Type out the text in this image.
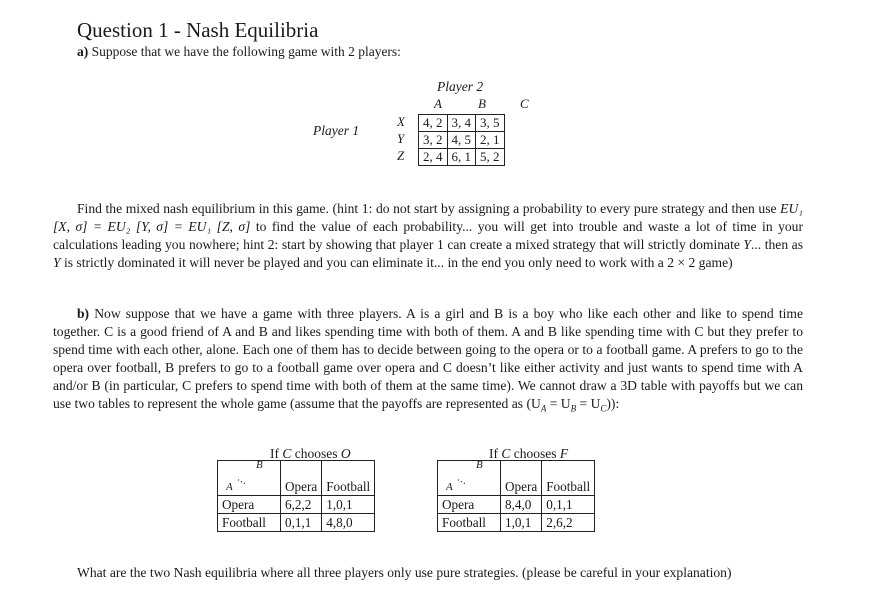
Question 1 - Nash Equilibria
a) Suppose that we have the following game with 2 players:
Player 2
A	B	C
Player 1
X
Y
Z
4, 2	3, 4	3, 5
3, 2	4, 5	2, 1
2, 4	6, 1	5, 2
Find the mixed nash equilibrium in this game. (hint 1: do not start by assigning a probability to every pure strategy and then use EU₁ [X, σ] = EU₂ [Y, σ] = EU₁ [Z, σ] to find the value of each probability... you will get into trouble and waste a lot of time in your calculations leading you nowhere; hint 2: start by showing that player 1 can create a mixed strategy that will strictly dominate Y... then as Y is strictly dominated it will never be played and you can eliminate it... in the end you only need to work with a 2 × 2 game)
b) Now suppose that we have a game with three players. A is a girl and B is a boy who like each other and like to spend time together. C is a good friend of A and B and likes spending time with both of them. A and B like spending time with C but they prefer to spend time with each other, alone. Each one of them has to decide between going to the opera or to a football game. A prefers to go to the opera over football, B prefers to go to a football game over opera and C doesn’t like either activity and just wants to spend time with A and/or B (in particular, C prefers to spend time with both of them at the same time). We cannot draw a 3D table with payoffs but we can use two tables to represent the whole game (assume that the payoffs are represented as $(U_A = U_B = U_C)$):
If C chooses O	If C chooses F
B
⋯
A	Opera	Football
Opera	6,2,2	1,0,1
Football	0,1,1	4,8,0
B
⋯
A	Opera	Football
Opera	8,4,0	0,1,1
Football	1,0,1	2,6,2
What are the two Nash equilibria where all three players only use pure strategies. (please be careful in your explanation)
